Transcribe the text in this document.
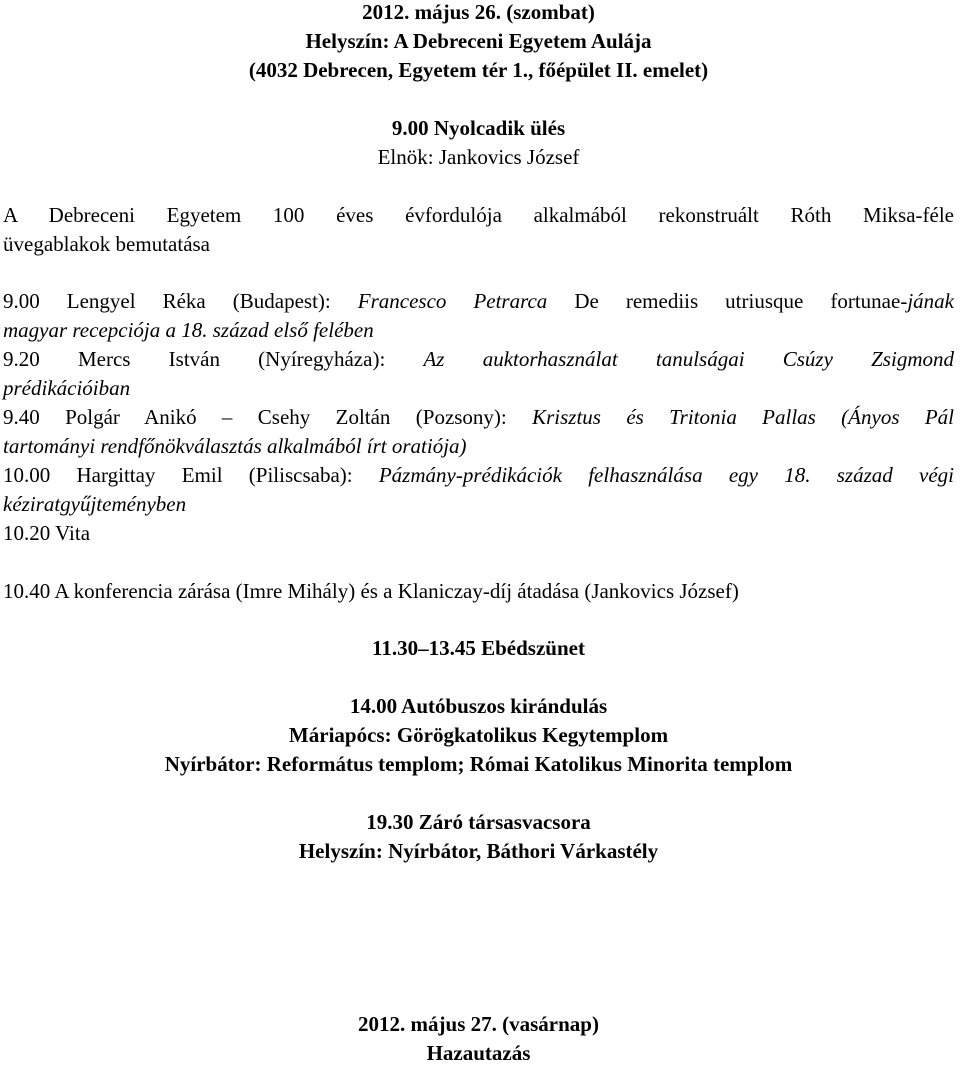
2012. május 26. (szombat)
Helyszín: A Debreceni Egyetem Aulája
(4032 Debrecen, Egyetem tér 1., főépület II. emelet)
9.00 Nyolcadik ülés
Elnök: Jankovics József
A Debreceni Egyetem 100 éves évfordulója alkalmából rekonstruált Róth Miksa-féle
üvegablakok bemutatása
9.00 Lengyel Réka (Budapest): Francesco Petrarca De remediis utriusque fortunae-jának
magyar recepciója a 18. század első felében
9.20 Mercs István (Nyíregyháza): Az auktorhasználat tanulságai Csúzy Zsigmond
prédikációiban
9.40 Polgár Anikó – Csehy Zoltán (Pozsony): Krisztus és Tritonia Pallas (Ányos Pál
tartományi rendfőnökválasztás alkalmából írt oratiója)
10.00 Hargittay Emil (Piliscsaba): Pázmány-prédikációk felhasználása egy 18. század végi
kéziratgyűjteményben
10.20 Vita
10.40 A konferencia zárása (Imre Mihály) és a Klaniczay-díj átadása (Jankovics József)
11.30–13.45 Ebédszünet
14.00 Autóbuszos kirándulás
Máriapócs: Görögkatolikus Kegytemplom
Nyírbátor: Református templom; Római Katolikus Minorita templom
19.30 Záró társasvacsora
Helyszín: Nyírbátor, Báthori Várkastély
2012. május 27. (vasárnap)
Hazautazás
